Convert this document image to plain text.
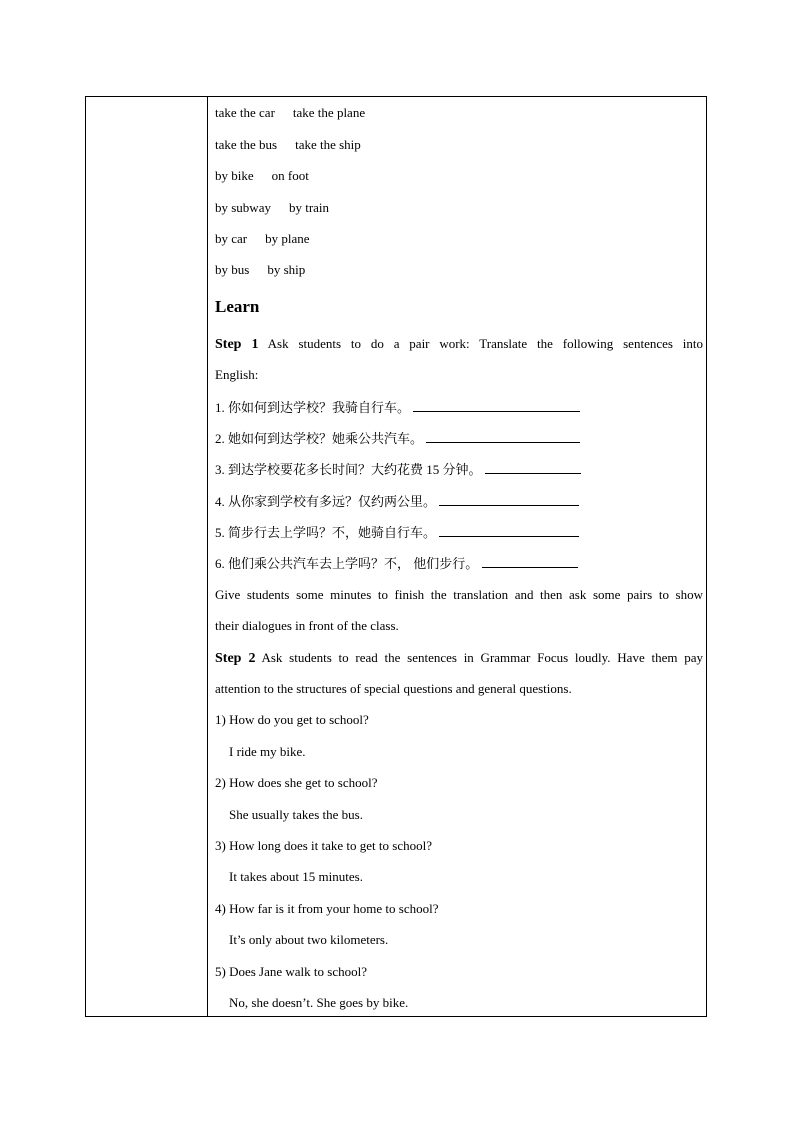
take the car take the plane
take the bus take the ship
by bike on foot
by subway by train
by car by plane
by bus by ship
Learn
Step 1 Ask students to do a pair work: Translate the following sentences into
English:
1. 你如何到达学校？我骑自行车。
2. 她如何到达学校？她乘公共汽车。
3. 到达学校要花多长时间？大约花费 15 分钟。
4. 从你家到学校有多远？仅约两公里。
5. 简步行去上学吗？不，她骑自行车。
6. 他们乘公共汽车去上学吗？不， 他们步行。
Give students some minutes to finish the translation and then ask some pairs to show
their dialogues in front of the class.
Step 2 Ask students to read the sentences in Grammar Focus loudly. Have them pay
attention to the structures of special questions and general questions.
1) How do you get to school?
I ride my bike.
2) How does she get to school?
She usually takes the bus.
3) How long does it take to get to school?
It takes about 15 minutes.
4) How far is it from your home to school?
It’s only about two kilometers.
5) Does Jane walk to school?
No, she doesn’t. She goes by bike.
